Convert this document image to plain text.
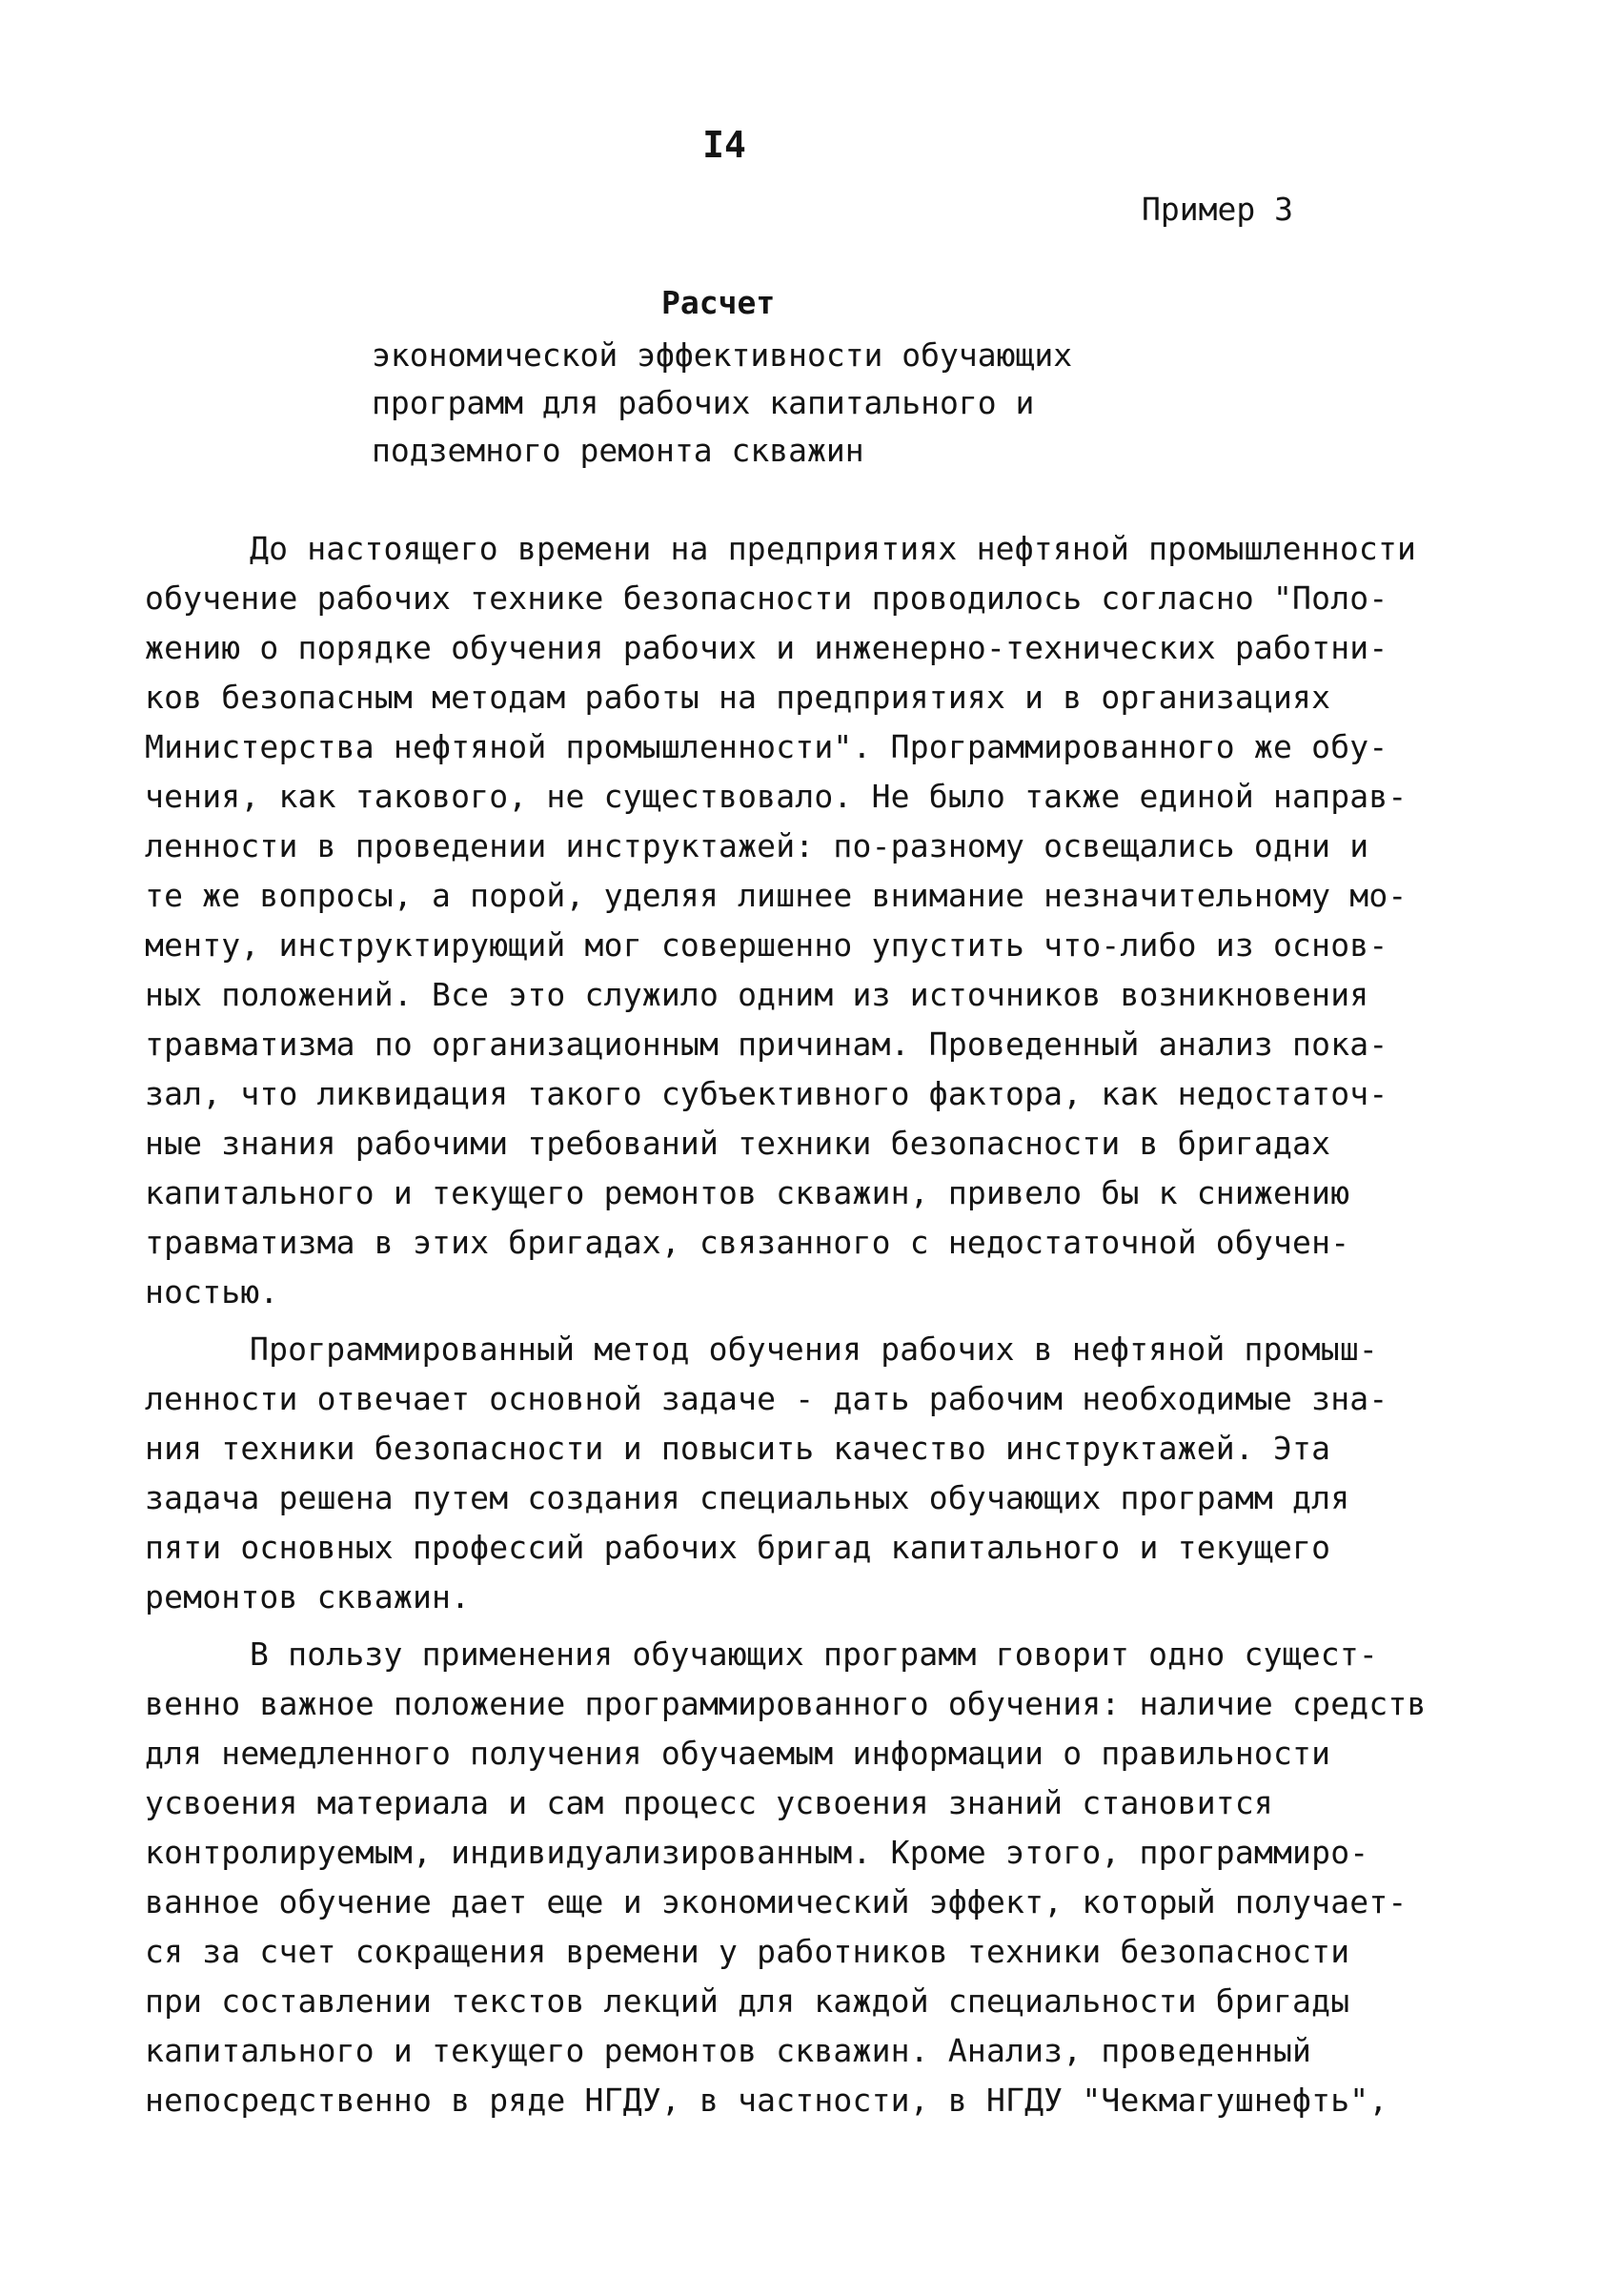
I4

Пример 3

Расчет

экономической эффективности обучающих
программ для рабочих капитального и
подземного ремонта скважин
До настоящего времени на предприятиях нефтяной промышленности
обучение рабочих технике безопасности проводилось согласно "Поло-
жению о порядке обучения рабочих и инженерно-технических работни-
ков безопасным методам работы на предприятиях и в организациях
Министерства нефтяной промышленности". Программированного же обу-
чения, как такового, не существовало. Не было также единой направ-
ленности в проведении инструктажей: по-разному освещались одни и
те же вопросы, а порой, уделяя лишнее внимание незначительному мо-
менту, инструктирующий мог совершенно упустить что-либо из основ-
ных положений. Все это служило одним из источников возникновения
травматизма по организационным причинам. Проведенный анализ пока-
зал, что ликвидация такого субъективного фактора, как недостаточ-
ные знания рабочими требований техники безопасности в бригадах
капитального и текущего ремонтов скважин, привело бы к снижению
травматизма в этих бригадах, связанного с недостаточной обучен-
ностью.
Программированный метод обучения рабочих в нефтяной промыш-
ленности отвечает основной задаче - дать рабочим необходимые зна-
ния техники безопасности и повысить качество инструктажей. Эта
задача решена путем создания специальных обучающих программ для
пяти основных профессий рабочих бригад капитального и текущего
ремонтов скважин.
В пользу применения обучающих программ говорит одно сущест-
венно важное положение программированного обучения: наличие средств
для немедленного получения обучаемым информации о правильности
усвоения материала и сам процесс усвоения знаний становится
контролируемым, индивидуализированным. Кроме этого, программиро-
ванное обучение дает еще и экономический эффект, который получает-
ся за счет сокращения времени у работников техники безопасности
при составлении текстов лекций для каждой специальности бригады
капитального и текущего ремонтов скважин. Анализ, проведенный
непосредственно в ряде НГДУ, в частности, в НГДУ "Чекмагушнефть",
